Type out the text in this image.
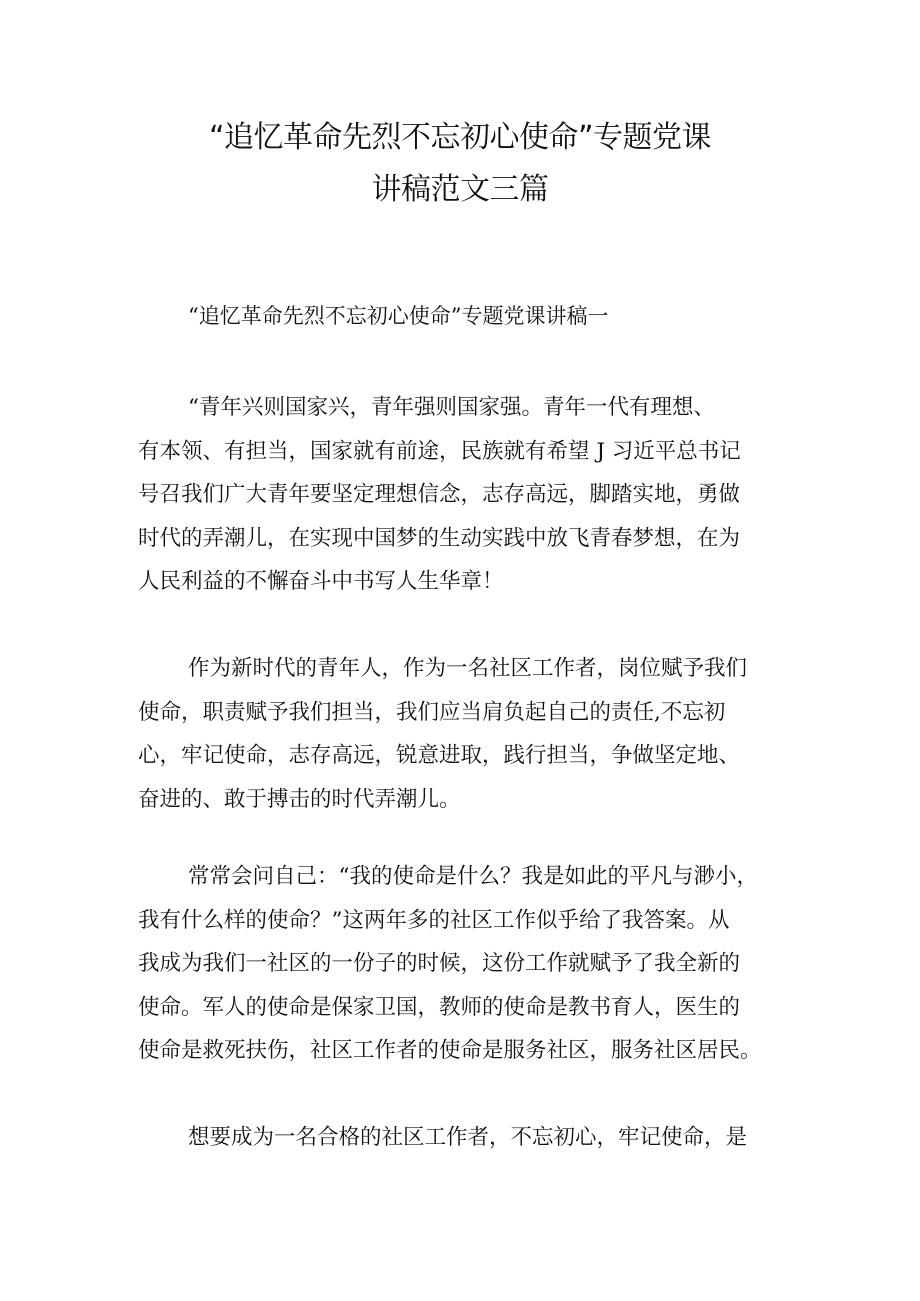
“追忆革命先烈不忘初心使命”专题党课
讲稿范文三篇
“追忆革命先烈不忘初心使命”专题党课讲稿一
“青年兴则国家兴，青年强则国家强。青年一代有理想、
有本领、有担当，国家就有前途，民族就有希望 J 习近平总书记
号召我们广大青年要坚定理想信念，志存高远，脚踏实地，勇做
时代的弄潮儿，在实现中国梦的生动实践中放飞青春梦想，在为
人民利益的不懈奋斗中书写人生华章！
作为新时代的青年人，作为一名社区工作者，岗位赋予我们
使命，职责赋予我们担当，我们应当肩负起自己的责任,不忘初
心，牢记使命，志存高远，锐意进取，践行担当，争做坚定地、
奋进的、敢于搏击的时代弄潮儿。
常常会问自己：“我的使命是什么？我是如此的平凡与渺小，
我有什么样的使命？”这两年多的社区工作似乎给了我答案。从
我成为我们一社区的一份子的时候，这份工作就赋予了我全新的
使命。军人的使命是保家卫国，教师的使命是教书育人，医生的
使命是救死扶伤，社区工作者的使命是服务社区，服务社区居民。
想要成为一名合格的社区工作者，不忘初心，牢记使命，是
